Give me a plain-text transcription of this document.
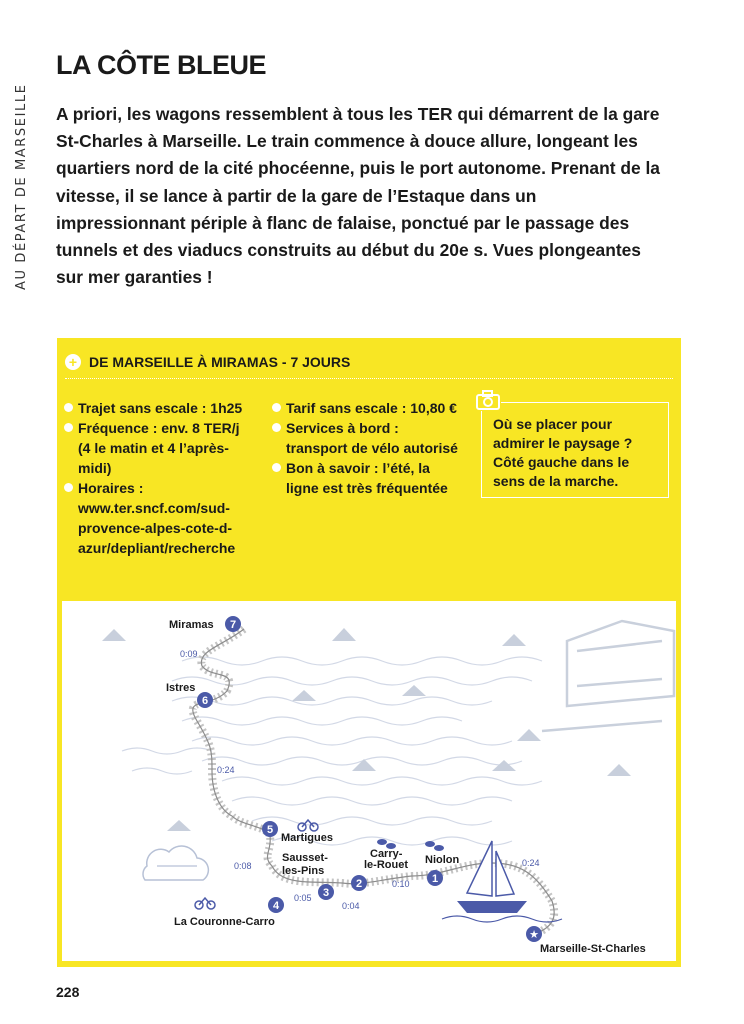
AU DÉPART DE MARSEILLE
LA CÔTE BLEUE

A priori, les wagons ressemblent à tous les TER qui démarrent de la gare St-Charles à Marseille. Le train commence à douce allure, longeant les quartiers nord de la cité phocéenne, puis le port autonome. Prenant de la vitesse, il se lance à partir de la gare de l’Estaque dans un impressionnant périple à flanc de falaise, ponctué par le passage des tunnels et des viaducs construits au début du 20e s. Vues plongeantes sur mer garanties !

+ DE MARSEILLE À MIRAMAS - 7 JOURS
Trajet sans escale : 1h25
Fréquence : env. 8 TER/j (4 le matin et 4 l’après-midi)
Horaires : www.ter.sncf.com/sud-provence-alpes-cote-d-azur/depliant/recherche
Tarif sans escale : 10,80 €
Services à bord : transport de vélo autorisé
Bon à savoir : l’été, la ligne est très fréquentée
Où se placer pour admirer le paysage ? Côté gauche dans le sens de la marche.
0:09
0:24
0:08
0:05
0:04
0:10
0:24
7
Miramas
6
Istres
5
Martigues
4
La Couronne-Carro
3
Sausset-
les-Pins
2
Carry-
le-Rouet
1
Niolon
★
Marseille-St-Charles
228
